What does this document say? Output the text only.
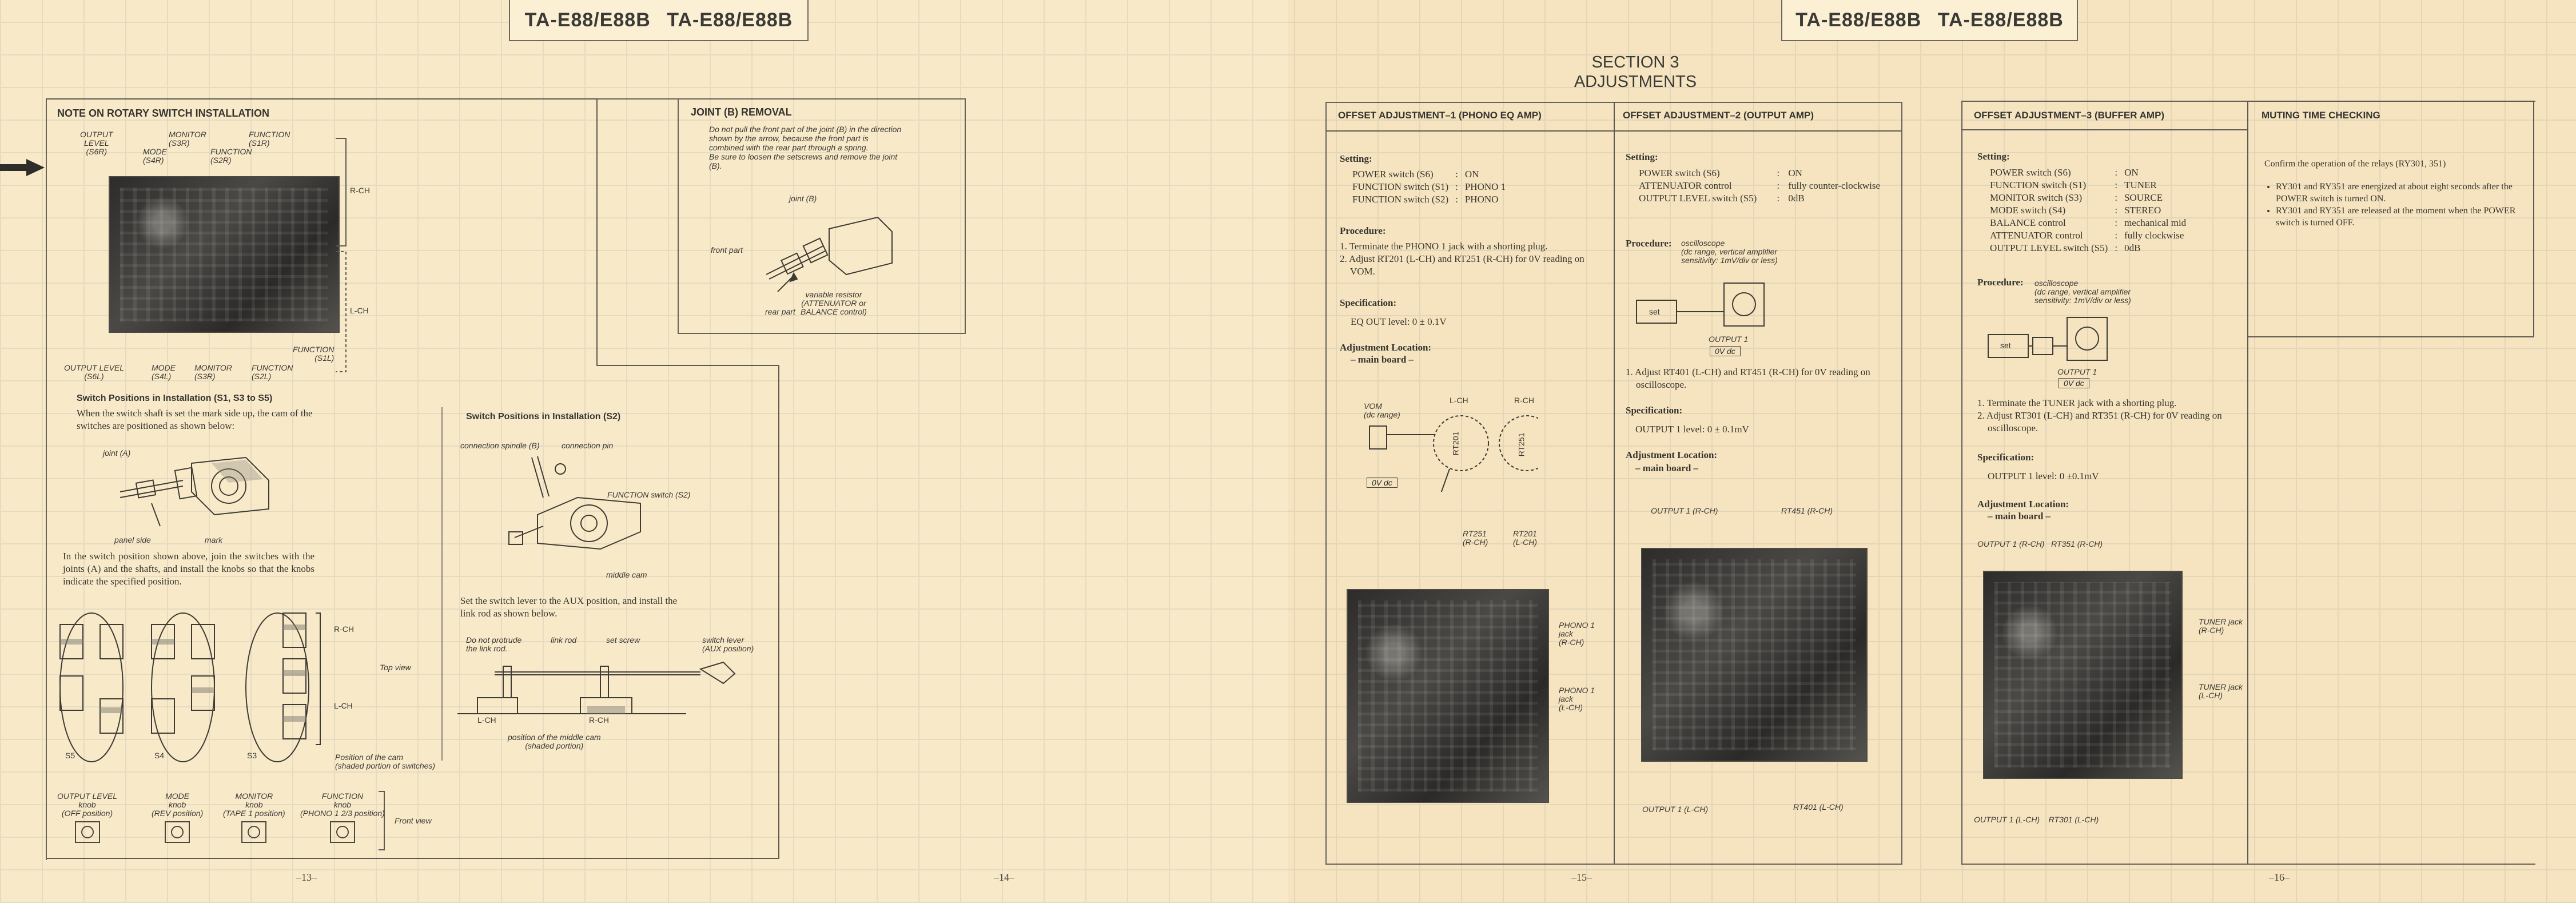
TA-E88/E88B TA-E88/E88B	TA-E88/E88B TA-E88/E88B
SECTION 3
ADJUSTMENTS
NOTE ON ROTARY SWITCH INSTALLATION
OUTPUT
LEVEL
(S6R)	MODE
(S4R)
MONITOR
(S3R)
FUNCTION
(S2R)
FUNCTION
(S1R)
R-CH
L-CH
OUTPUT LEVEL
(S6L)
MODE
(S4L)
MONITOR
(S3R)
FUNCTION
(S2L)
FUNCTION
(S1L)
Switch Positions in Installation (S1, S3 to S5)
When the switch shaft is set the mark side up, the cam of the switches are positioned as shown below:
joint (A)
panel side	mark
In the switch position shown above, join the switches with the joints (A) and the shafts, and install the knobs so that the knobs indicate the specified position.
R-CH
L-CH
Top view
S5	S4	S3	Position of the cam
(shaded portion of switches)
OUTPUT LEVEL
knob
(OFF position)
MODE
knob
(REV position)
MONITOR
knob
(TAPE 1 position)
FUNCTION
knob
(PHONO 1 2/3 position)
Front view
Switch Positions in Installation (S2)
connection spindle (B)	connection pin
FUNCTION switch (S2)
middle cam
Set the switch lever to the AUX position, and install the link rod as shown below.
Do not protrude
the link rod.
link rod	set screw	switch lever
(AUX position)
L-CH	R-CH
position of the middle cam
(shaded portion)
JOINT (B) REMOVAL
Do not pull the front part of the joint (B) in the direction shown by the arrow, because the front part is combined with the rear part through a spring.
Be sure to loosen the setscrews and remove the joint (B).
joint (B)
front part
rear part
variable resistor
(ATTENUATOR or
BALANCE control)
OFFSET ADJUSTMENT–1 (PHONO EQ AMP)	OFFSET ADJUSTMENT–2 (OUTPUT AMP)
Setting:
POWER switch (S6)	:	ON
FUNCTION switch (S1)	:	PHONO 1
FUNCTION switch (S2)	:	PHONO
Procedure:
1. Terminate the PHONO 1 jack with a shorting plug.
2. Adjust RT201 (L-CH) and RT251 (R-CH) for 0V reading on VOM.
Specification:
EQ OUT level: 0 ± 0.1V
Adjustment Location:
– main board –
VOM
(dc range)
0V dc
L-CH	R-CH
RT201	RT251
RT251
(R-CH)
RT201
(L-CH)
PHONO 1
jack
(R-CH)
PHONO 1
jack
(L-CH)
Setting:
POWER switch (S6)	:	ON
ATTENUATOR control	:	fully counter-clockwise
OUTPUT LEVEL switch (S5)	:	0dB
Procedure: oscilloscope
(dc range, vertical amplifier
sensitivity: 1mV/div or less)
set
OUTPUT 1
0V dc
1. Adjust RT401 (L-CH) and RT451 (R-CH) for 0V reading on oscilloscope.
Specification:
OUTPUT 1 level: 0 ± 0.1mV
Adjustment Location:
– main board –
OUTPUT 1 (R-CH)	RT451 (R-CH)
OUTPUT 1 (L-CH)	RT401 (L-CH)
OFFSET ADJUSTMENT–3 (BUFFER AMP)
Setting:
POWER switch (S6)	:	ON
FUNCTION switch (S1)	:	TUNER
MONITOR switch (S3)	:	SOURCE
MODE switch (S4)	:	STEREO
BALANCE control	:	mechanical mid
ATTENUATOR control	:	fully clockwise
OUTPUT LEVEL switch (S5)	:	0dB
Procedure: oscilloscope
(dc range, vertical amplifier
sensitivity: 1mV/div or less)
set
OUTPUT 1
0V dc
1. Terminate the TUNER jack with a shorting plug.
2. Adjust RT301 (L-CH) and RT351 (R-CH) for 0V reading on oscilloscope.
Specification:
OUTPUT 1 level: 0 ±0.1mV
Adjustment Location:
– main board –
OUTPUT 1 (R-CH)   RT351 (R-CH)
TUNER jack
(R-CH)
TUNER jack
(L-CH)
OUTPUT 1 (L-CH)    RT301 (L-CH)
MUTING TIME CHECKING
Confirm the operation of the relays (RY301, 351)
• RY301 and RY351 are energized at about eight seconds after the POWER switch is turned ON.
• RY301 and RY351 are released at the moment when the POWER switch is turned OFF.
–13–	–14–	–15–	–16–
